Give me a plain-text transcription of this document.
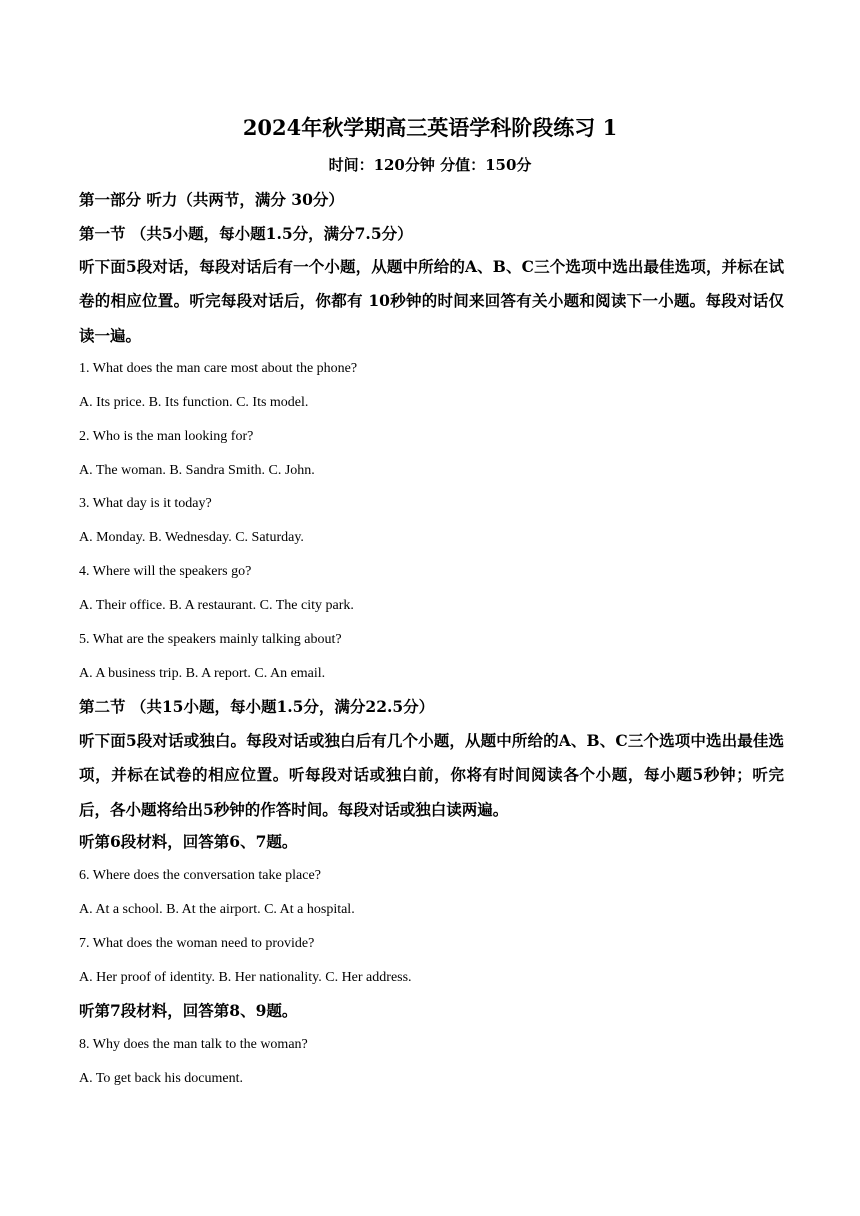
2024年秋学期高三英语学科阶段练习 1
时间：120分钟 分值：150分
第一部分 听力（共两节，满分 30分）
第一节 （共5小题，每小题1.5分，满分7.5分）
听下面5段对话，每段对话后有一个小题，从题中所给的A、B、C三个选项中选出最佳选项，并标在试卷的相应位置。听完每段对话后，你都有 10秒钟的时间来回答有关小题和阅读下一小题。每段对话仅读一遍。
1. What does the man care most about the phone?
A. Its price. B. Its function. C. Its model.
2. Who is the man looking for?
A. The woman. B. Sandra Smith. C. John.
3. What day is it today?
A. Monday. B. Wednesday. C. Saturday.
4. Where will the speakers go?
A. Their office. B. A restaurant. C. The city park.
5. What are the speakers mainly talking about?
A. A business trip. B. A report. C. An email.
第二节 （共15小题，每小题1.5分，满分22.5分）
听下面5段对话或独白。每段对话或独白后有几个小题，从题中所给的A、B、C三个选项中选出最佳选项，并标在试卷的相应位置。听每段对话或独白前，你将有时间阅读各个小题，每小题5秒钟；听完后，各小题将给出5秒钟的作答时间。每段对话或独白读两遍。
听第6段材料，回答第6、7题。
6. Where does the conversation take place?
A. At a school. B. At the airport. C. At a hospital.
7. What does the woman need to provide?
A. Her proof of identity. B. Her nationality. C. Her address.
听第7段材料，回答第8、9题。
8. Why does the man talk to the woman?
A. To get back his document.
